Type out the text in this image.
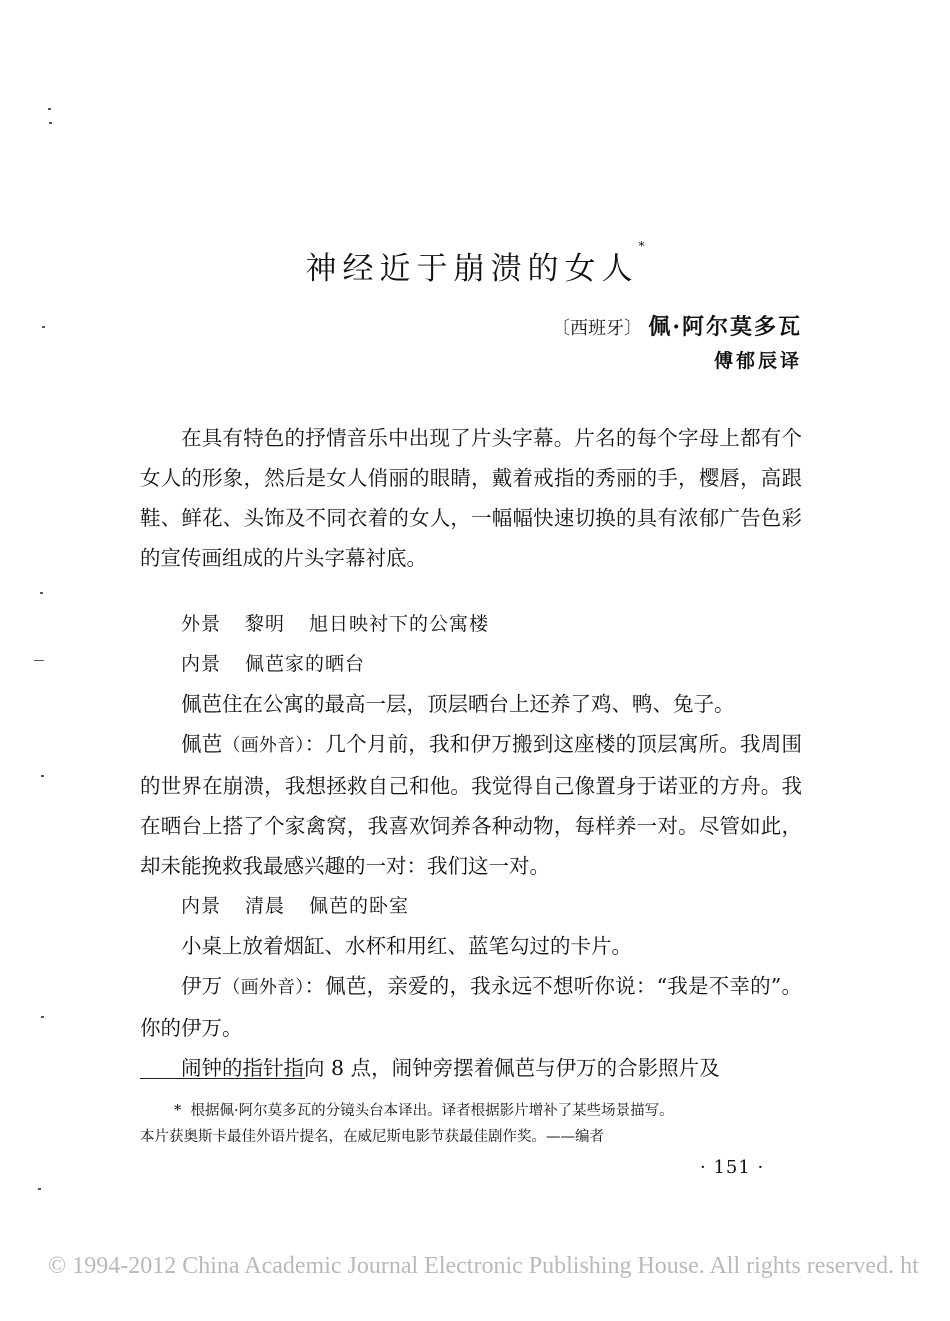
神经近于崩溃的女人*
〔西班牙〕 佩·阿尔莫多瓦
傅郁辰译

在具有特色的抒情音乐中出现了片头字幕。片名的每个字母上都有个女人的形象，然后是女人俏丽的眼睛，戴着戒指的秀丽的手，樱唇，高跟鞋、鲜花、头饰及不同衣着的女人，一幅幅快速切换的具有浓郁广告色彩的宣传画组成的片头字幕衬底。

外景 黎明 旭日映衬下的公寓楼

内景 佩芭家的晒台

佩芭住在公寓的最高一层，顶层晒台上还养了鸡、鸭、兔子。

佩芭（画外音）：几个月前，我和伊万搬到这座楼的顶层寓所。我周围的世界在崩溃，我想拯救自己和他。我觉得自己像置身于诺亚的方舟。我在晒台上搭了个家禽窝，我喜欢饲养各种动物，每样养一对。尽管如此，却未能挽救我最感兴趣的一对：我们这一对。

内景 清晨 佩芭的卧室

小桌上放着烟缸、水杯和用红、蓝笔勾过的卡片。

伊万（画外音）：佩芭，亲爱的，我永远不想听你说：“我是不幸的”。你的伊万。

闹钟的指针指向 8 点，闹钟旁摆着佩芭与伊万的合影照片及

* 根据佩·阿尔莫多瓦的分镜头台本译出。译者根据影片增补了某些场景描写。
本片获奥斯卡最佳外语片提名，在威尼斯电影节获最佳剧作奖。——编者
· 151 ·
© 1994-2012 China Academic Journal Electronic Publishing House. All rights reserved. ht
